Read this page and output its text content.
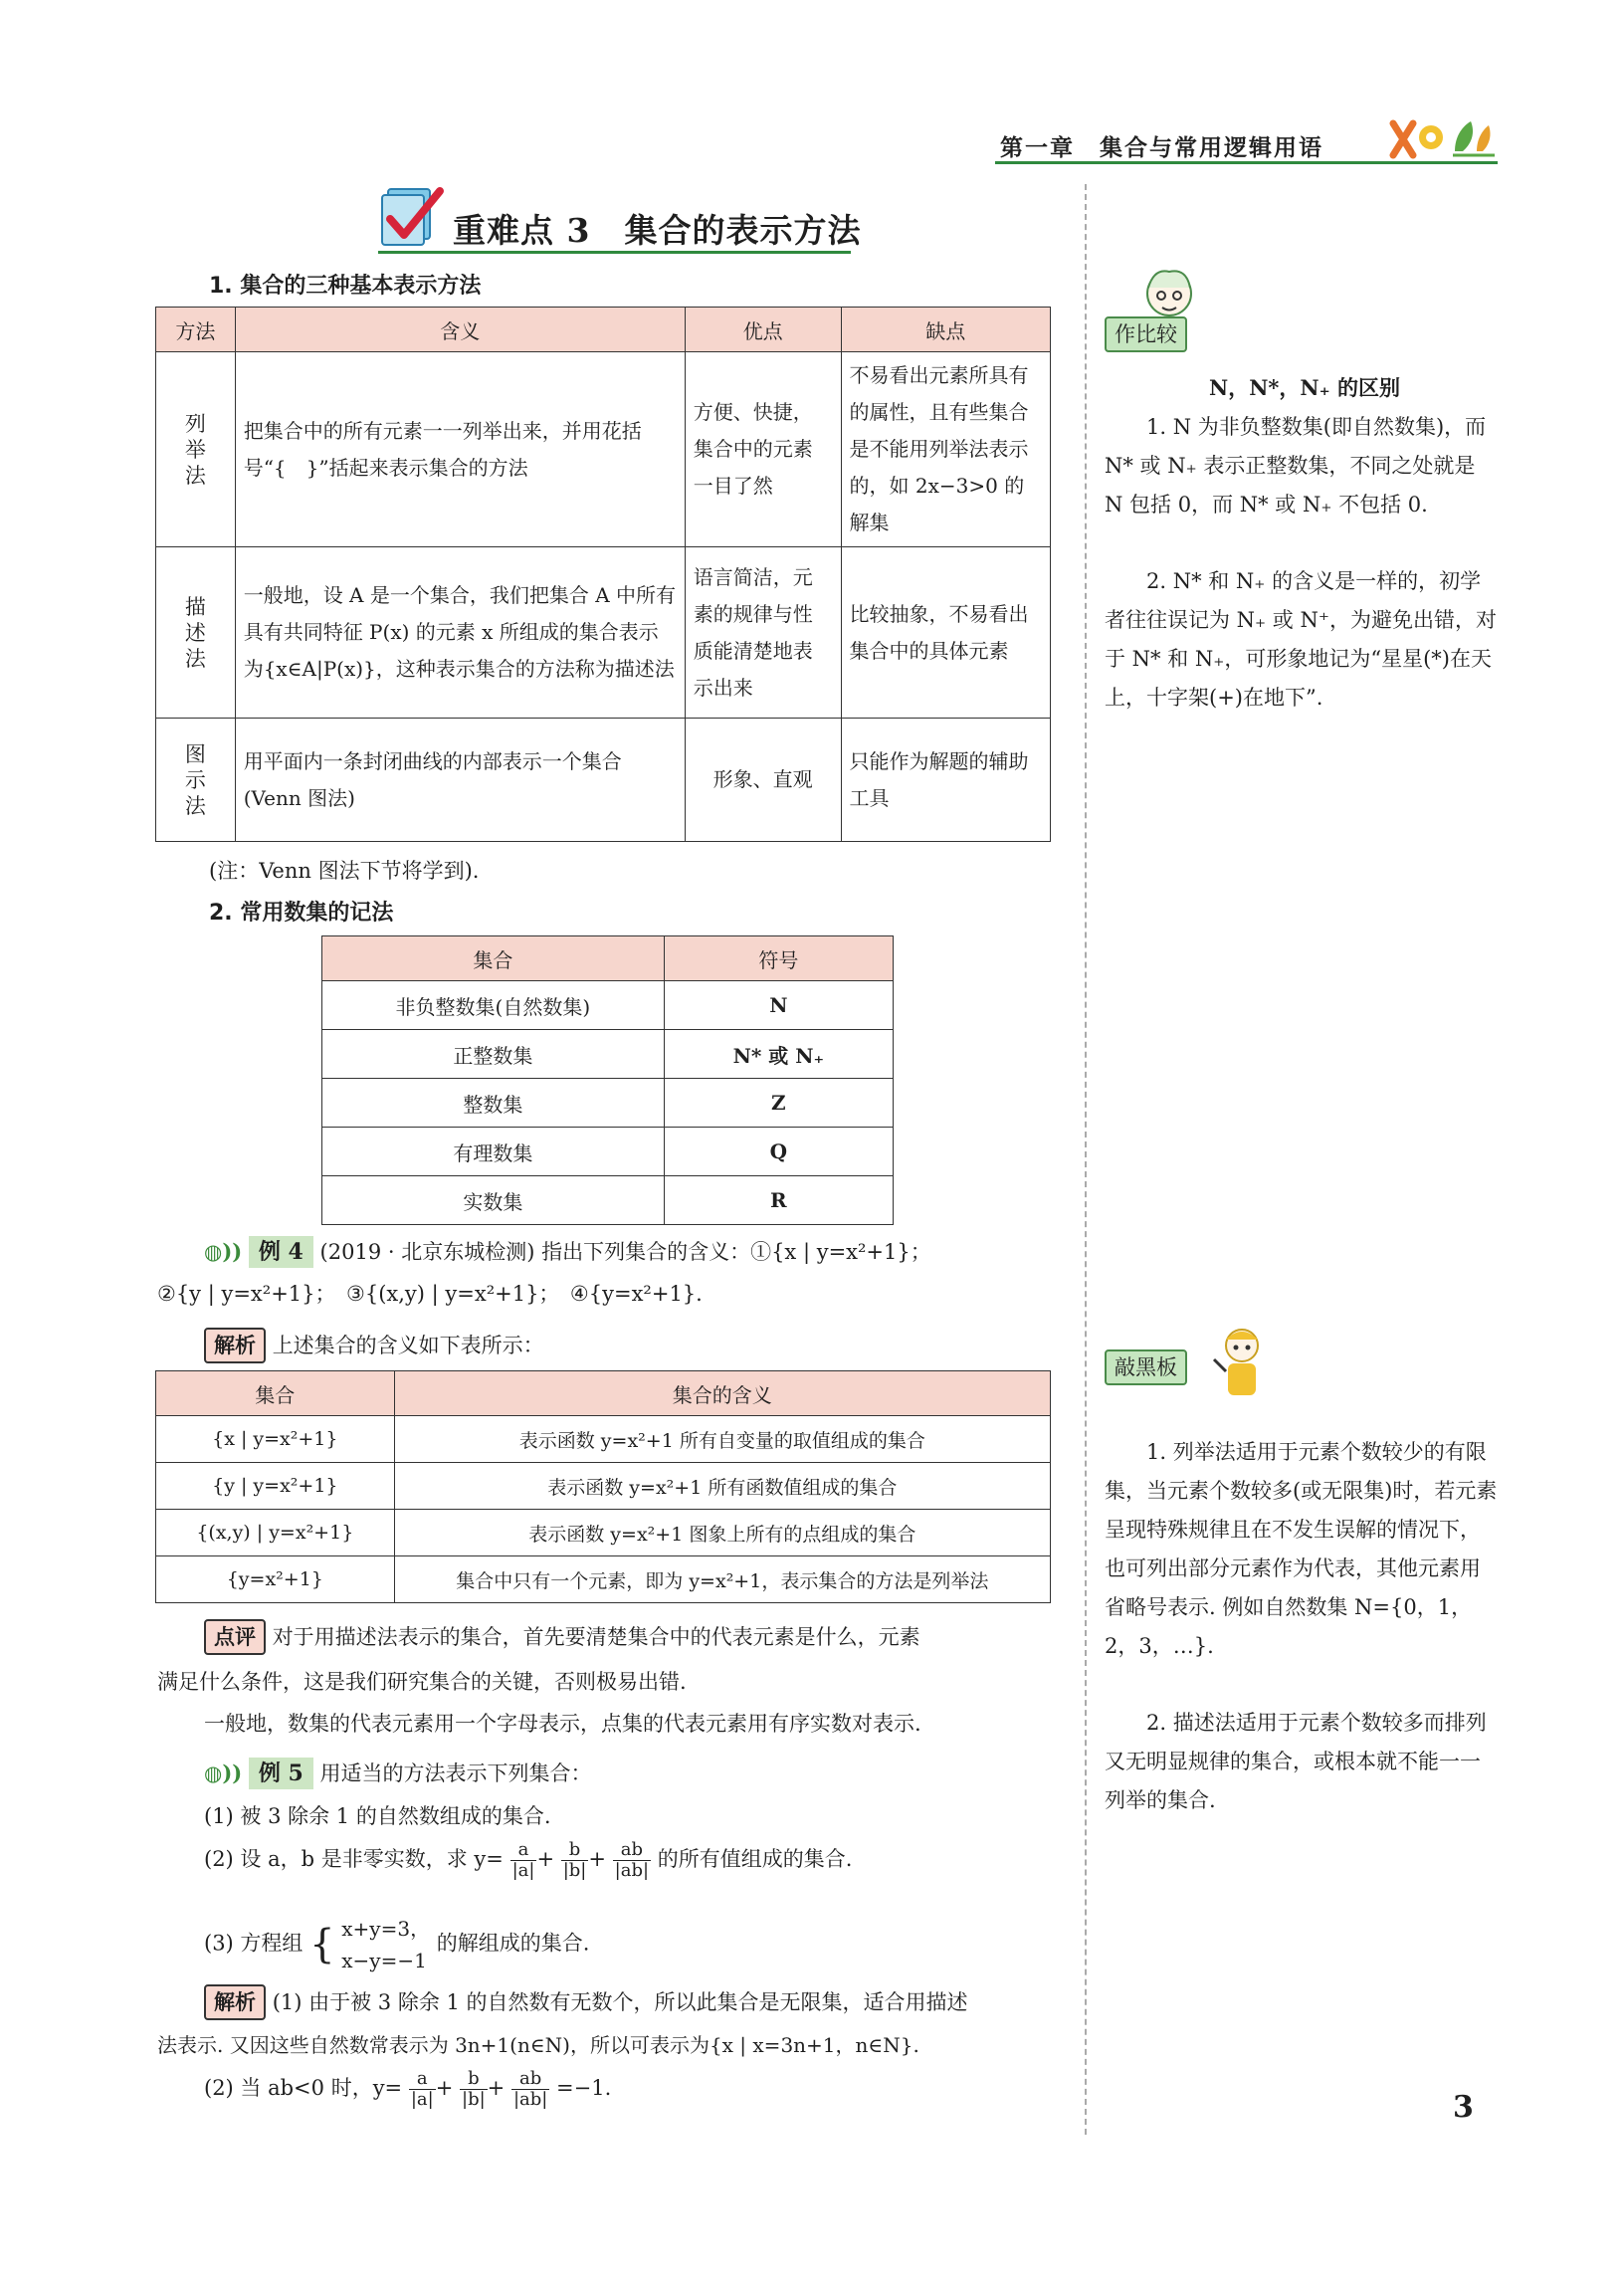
第一章　集合与常用逻辑用语
重难点 3　集合的表示方法
1. 集合的三种基本表示方法
方法	含义	优点	缺点
列举法	把集合中的所有元素一一列举出来，并用花括号“{　}”括起来表示集合的方法	方便、快捷，集合中的元素一目了然	不易看出元素所具有的属性，且有些集合是不能用列举法表示的，如 2x−3>0 的解集
描述法	一般地，设 A 是一个集合，我们把集合 A 中所有具有共同特征 P(x) 的元素 x 所组成的集合表示为{x∈A|P(x)}，这种表示集合的方法称为描述法	语言简洁，元素的规律与性质能清楚地表示出来	比较抽象，不易看出集合中的具体元素
图示法	用平面内一条封闭曲线的内部表示一个集合(Venn 图法)	形象、直观	只能作为解题的辅助工具
(注：Venn 图法下节将学到).
2. 常用数集的记法
集合	符号
非负整数集(自然数集)	N
正整数集	N* 或 N₊
整数集	Z
有理数集	Q
实数集	R
◍)) 例 4 (2019 · 北京东城检测) 指出下列集合的含义：①{x | y=x²+1}；
②{y | y=x²+1}；　③{(x,y) | y=x²+1}；　④{y=x²+1}.
解析 上述集合的含义如下表所示：
集合	集合的含义
{x | y=x²+1}	表示函数 y=x²+1 所有自变量的取值组成的集合
{y | y=x²+1}	表示函数 y=x²+1 所有函数值组成的集合
{(x,y) | y=x²+1}	表示函数 y=x²+1 图象上所有的点组成的集合
{y=x²+1}	集合中只有一个元素，即为 y=x²+1，表示集合的方法是列举法
点评 对于用描述法表示的集合，首先要清楚集合中的代表元素是什么，元素
满足什么条件，这是我们研究集合的关键，否则极易出错.
一般地，数集的代表元素用一个字母表示，点集的代表元素用有序实数对表示.
◍)) 例 5 用适当的方法表示下列集合：
(1) 被 3 除余 1 的自然数组成的集合.
(2) 设 a，b 是非零实数，求 $y= \frac{a}{|a|} + \frac{b}{|b|} + \frac{ab}{|ab|}$ 的所有值组成的集合.
(3) 方程组 { x+y=3，
x−y=−1
的解组成的集合.
解析 (1) 由于被 3 除余 1 的自然数有无数个，所以此集合是无限集，适合用描述
法表示. 又因这些自然数常表示为 3n+1(n∈N)，所以可表示为{x | x=3n+1，n∈N}.
(2) 当 ab<0 时，$y= \frac{a}{|a|} + \frac{b}{|b|} + \frac{ab}{|ab|} =-1$.
作比较
N，N*，N₊ 的区别
1. N 为非负整数集(即自然数集)，而 N* 或 N₊ 表示正整数集，不同之处就是 N 包括 0，而 N* 或 N₊ 不包括 0.
2. N* 和 N₊ 的含义是一样的，初学者往往误记为 N₊ 或 N⁺，为避免出错，对于 N* 和 N₊，可形象地记为“星星(*)在天上，十字架(+)在地下”.
敲黑板
1. 列举法适用于元素个数较少的有限集，当元素个数较多(或无限集)时，若元素呈现特殊规律且在不发生误解的情况下，也可列出部分元素作为代表，其他元素用省略号表示. 例如自然数集 N={0，1，2，3，…}.
2. 描述法适用于元素个数较多而排列又无明显规律的集合，或根本就不能一一列举的集合.
3
